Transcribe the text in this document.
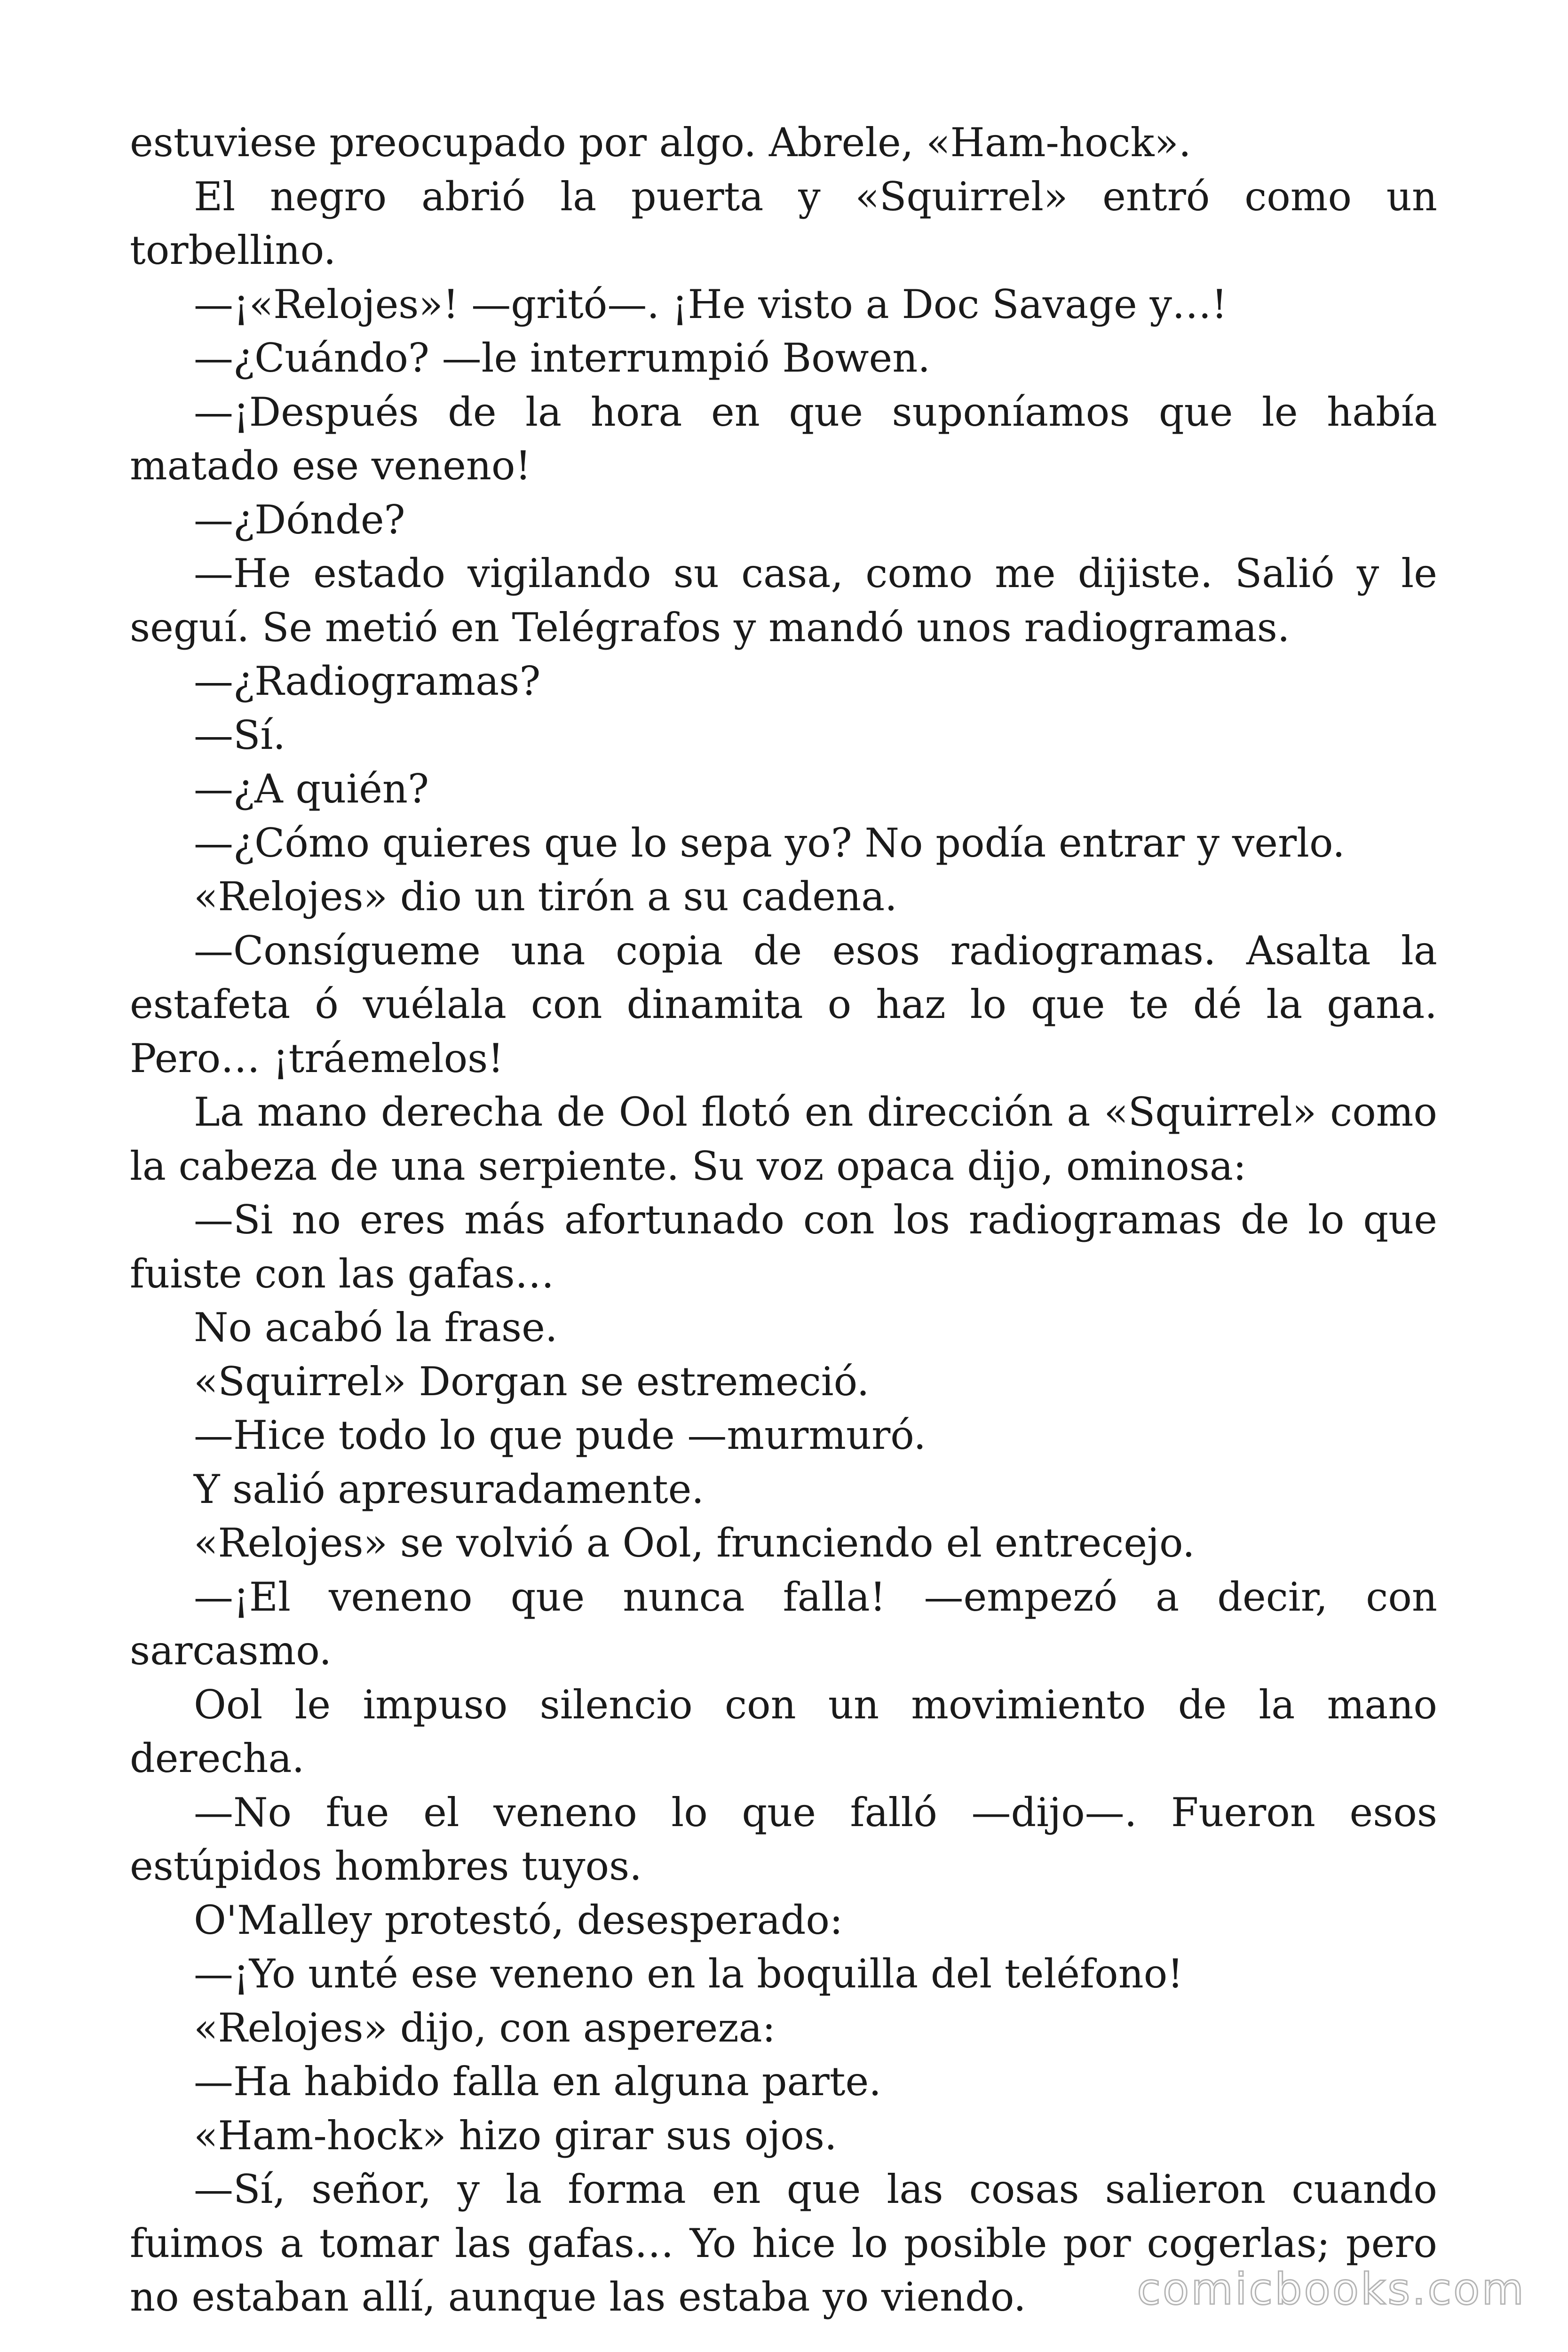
estuviese preocupado por algo. Abrele, «Ham-hock».

El negro abrió la puerta y «Squirrel» entró como un torbellino.

—¡«Relojes»! —gritó—. ¡He visto a Doc Savage y…!

—¿Cuándo? —le interrumpió Bowen.

—¡Después de la hora en que suponíamos que le había matado ese veneno!

—¿Dónde?

—He estado vigilando su casa, como me dijiste. Salió y le seguí. Se metió en Telégrafos y mandó unos radiogramas.

—¿Radiogramas?

—Sí.

—¿A quién?

—¿Cómo quieres que lo sepa yo? No podía entrar y verlo.

«Relojes» dio un tirón a su cadena.

—Consígueme una copia de esos radiogramas. Asalta la estafeta ó vuélala con dinamita o haz lo que te dé la gana. Pero… ¡tráemelos!

La mano derecha de Ool flotó en dirección a «Squirrel» como la cabeza de una serpiente. Su voz opaca dijo, ominosa:

—Si no eres más afortunado con los radiogramas de lo que fuiste con las gafas…

No acabó la frase.

«Squirrel» Dorgan se estremeció.

—Hice todo lo que pude —murmuró.

Y salió apresuradamente.

«Relojes» se volvió a Ool, frunciendo el entrecejo.

—¡El veneno que nunca falla! —empezó a decir, con sarcasmo.

Ool le impuso silencio con un movimiento de la mano derecha.

—No fue el veneno lo que falló —dijo—. Fueron esos estúpidos hombres tuyos.

O'Malley protestó, desesperado:

—¡Yo unté ese veneno en la boquilla del teléfono!

«Relojes» dijo, con aspereza:

—Ha habido falla en alguna parte.

«Ham-hock» hizo girar sus ojos.

—Sí, señor, y la forma en que las cosas salieron cuando fuimos a tomar las gafas… Yo hice lo posible por cogerlas; pero no estaban allí, aunque las estaba yo viendo.	comicbooks.com
